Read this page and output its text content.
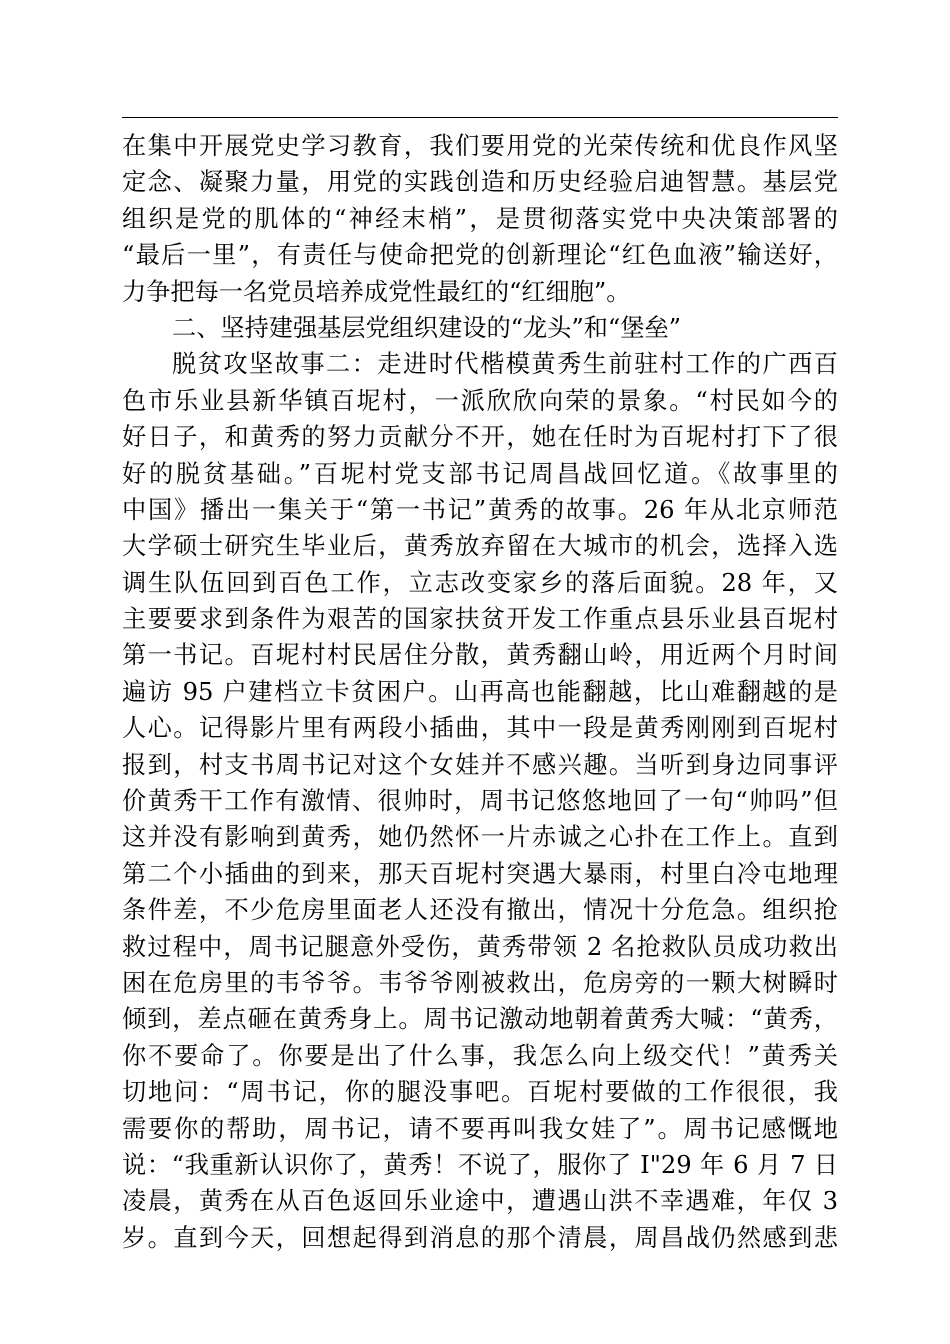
在集中开展党史学习教育，我们要用党的光荣传统和优良作风坚
定念、凝聚力量，用党的实践创造和历史经验启迪智慧。基层党
组织是党的肌体的“神经末梢”，是贯彻落实党中央决策部署的
“最后一里”，有责任与使命把党的创新理论“红色血液”输送好，
力争把每一名党员培养成党性最红的“红细胞”。
二、坚持建强基层党组织建设的“龙头”和“堡垒”
脱贫攻坚故事二：走进时代楷模黄秀生前驻村工作的广西百
色市乐业县新华镇百坭村，一派欣欣向荣的景象。“村民如今的
好日子，和黄秀的努力贡献分不开，她在任时为百坭村打下了很
好的脱贫基础。”百坭村党支部书记周昌战回忆道。《故事里的
中国》播出一集关于“第一书记”黄秀的故事。26 年从北京师范
大学硕士研究生毕业后，黄秀放弃留在大城市的机会，选择入选
调生队伍回到百色工作，立志改变家乡的落后面貌。28 年，又
主要要求到条件为艰苦的国家扶贫开发工作重点县乐业县百坭村
第一书记。百坭村村民居住分散，黄秀翻山岭，用近两个月时间
遍访 95 户建档立卡贫困户。山再高也能翻越，比山难翻越的是
人心。记得影片里有两段小插曲，其中一段是黄秀刚刚到百坭村
报到，村支书周书记对这个女娃并不感兴趣。当听到身边同事评
价黄秀干工作有激情、很帅时，周书记悠悠地回了一句“帅吗”但
这并没有影响到黄秀，她仍然怀一片赤诚之心扑在工作上。直到
第二个小插曲的到来，那天百坭村突遇大暴雨，村里白冷屯地理
条件差，不少危房里面老人还没有撤出，情况十分危急。组织抢
救过程中，周书记腿意外受伤，黄秀带领 2 名抢救队员成功救出
困在危房里的韦爷爷。韦爷爷刚被救出，危房旁的一颗大树瞬时
倾到，差点砸在黄秀身上。周书记激动地朝着黄秀大喊：“黄秀，
你不要命了。你要是出了什么事，我怎么向上级交代！”黄秀关
切地问：“周书记，你的腿没事吧。百坭村要做的工作很很，我
需要你的帮助，周书记，请不要再叫我女娃了”。周书记感慨地
说：“我重新认识你了，黄秀！不说了，服你了 I"29 年 6 月 7 日
凌晨，黄秀在从百色返回乐业途中，遭遇山洪不幸遇难，年仅 3
岁。直到今天，回想起得到消息的那个清晨，周昌战仍然感到悲
